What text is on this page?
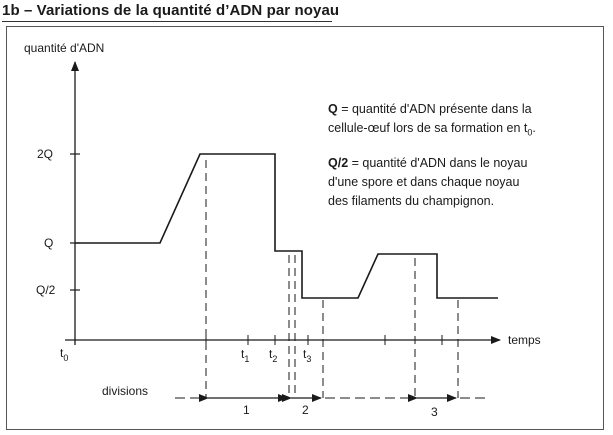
1b – Variations de la quantité d’ADN par noyau
quantité d'ADN
temps
2Q
Q
Q/2
$t_0$	$t_1$ $t_2$ $t_3$
divisions
1	2	3

Q = quantité d'ADN présente dans la
cellule-œuf lors de sa formation en $t_0$.

Q/2 = quantité d'ADN dans le noyau
d'une spore et dans chaque noyau
des filaments du champignon.
